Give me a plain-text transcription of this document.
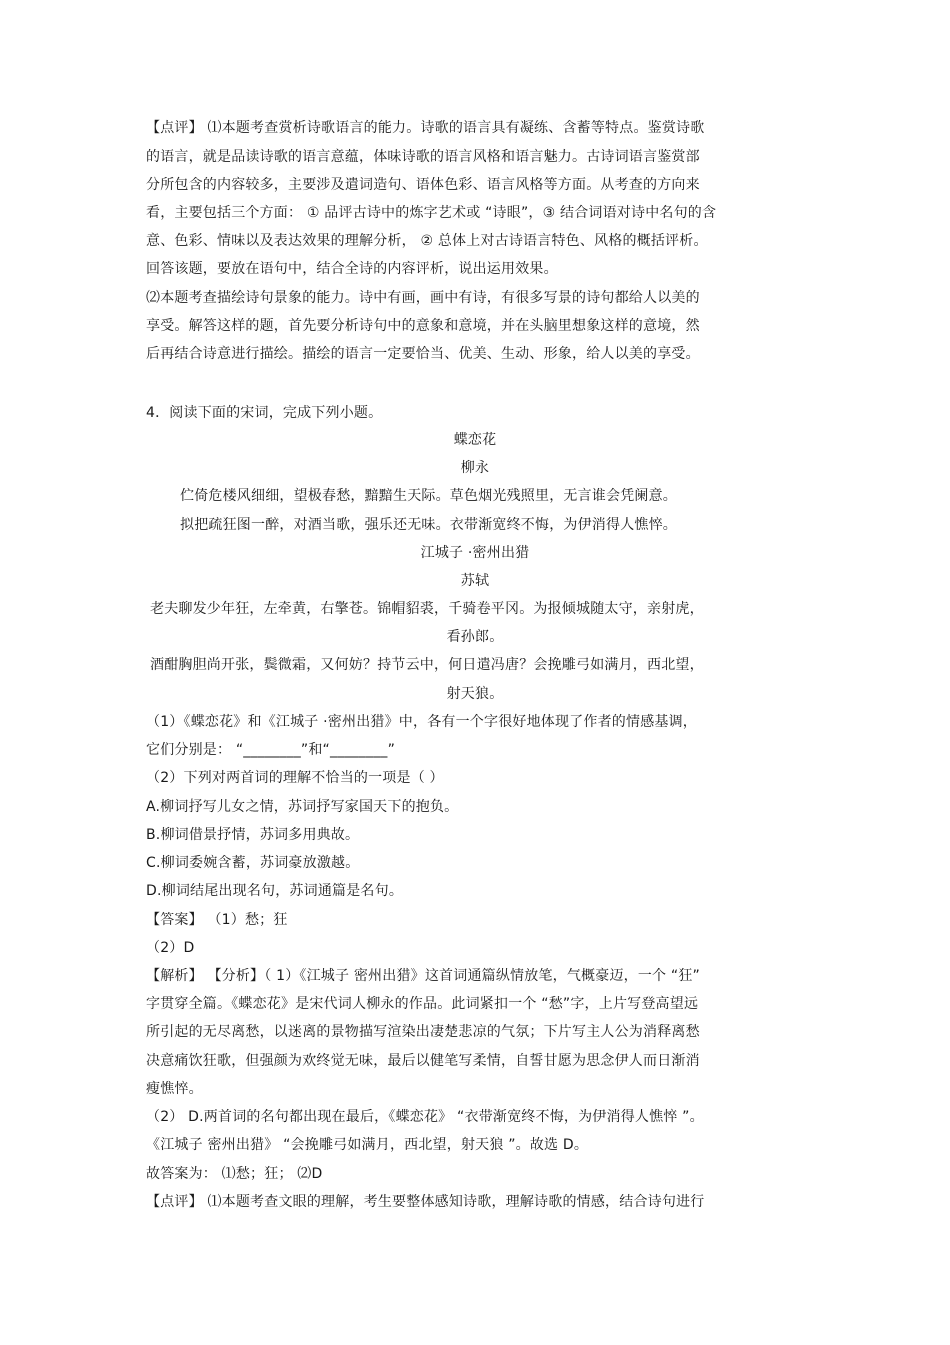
【点评】 ⑴本题考查赏析诗歌语言的能力。诗歌的语言具有凝练、含蓄等特点。鉴赏诗歌
的语言，就是品读诗歌的语言意蕴，体味诗歌的语言风格和语言魅力。古诗词语言鉴赏部
分所包含的内容较多，主要涉及遣词造句、语体色彩、语言风格等方面。从考查的方向来
看，主要包括三个方面： ① 品评古诗中的炼字艺术或 “诗眼”，③ 结合词语对诗中名句的含
意、色彩、情味以及表达效果的理解分析， ② 总体上对古诗语言特色、风格的概括评析。
回答该题，要放在语句中，结合全诗的内容评析，说出运用效果。
⑵本题考查描绘诗句景象的能力。诗中有画，画中有诗，有很多写景的诗句都给人以美的
享受。解答这样的题，首先要分析诗句中的意象和意境，并在头脑里想象这样的意境，然
后再结合诗意进行描绘。描绘的语言一定要恰当、优美、生动、形象，给人以美的享受。
4．阅读下面的宋词，完成下列小题。
蝶恋花
柳永
伫倚危楼风细细，望极春愁，黯黯生天际。草色烟光残照里，无言谁会凭阑意。
拟把疏狂图一醉，对酒当歌，强乐还无味。衣带渐宽终不悔，为伊消得人憔悴。
江城子 ·密州出猎
苏轼
老夫聊发少年狂，左牵黄，右擎苍。锦帽貂裘，千骑卷平冈。为报倾城随太守，亲射虎，
看孙郎。
酒酣胸胆尚开张，鬓微霜，又何妨？持节云中，何日遣冯唐？会挽雕弓如满月，西北望，
射天狼。
（1）《蝶恋花》和《江城子 ·密州出猎》中，各有一个字很好地体现了作者的情感基调，
它们分别是： “________”和“________”
（2）下列对两首词的理解不恰当的一项是（ ）
A.柳词抒写儿女之情，苏词抒写家国天下的抱负。
B.柳词借景抒情，苏词多用典故。
C.柳词委婉含蓄，苏词豪放激越。
D.柳词结尾出现名句，苏词通篇是名句。
【答案】 （1）愁；狂
（2）D
【解析】 【分析】（ 1）《江城子 密州出猎》这首词通篇纵情放笔，气概豪迈，一个 “狂”
字贯穿全篇。《蝶恋花》是宋代词人柳永的作品。此词紧扣一个 “愁”字，上片写登高望远
所引起的无尽离愁，以迷离的景物描写渲染出凄楚悲凉的气氛；下片写主人公为消释离愁
决意痛饮狂歌，但强颜为欢终觉无味，最后以健笔写柔情，自誓甘愿为思念伊人而日渐消
瘦憔悴。
（2） D.两首词的名句都出现在最后，《蝶恋花》 “衣带渐宽终不悔，为伊消得人憔悴 ”。
《江城子 密州出猎》 “会挽雕弓如满月，西北望，射天狼 ”。故选 D。
故答案为： ⑴愁；狂； ⑵D
【点评】 ⑴本题考查文眼的理解，考生要整体感知诗歌，理解诗歌的情感，结合诗句进行
